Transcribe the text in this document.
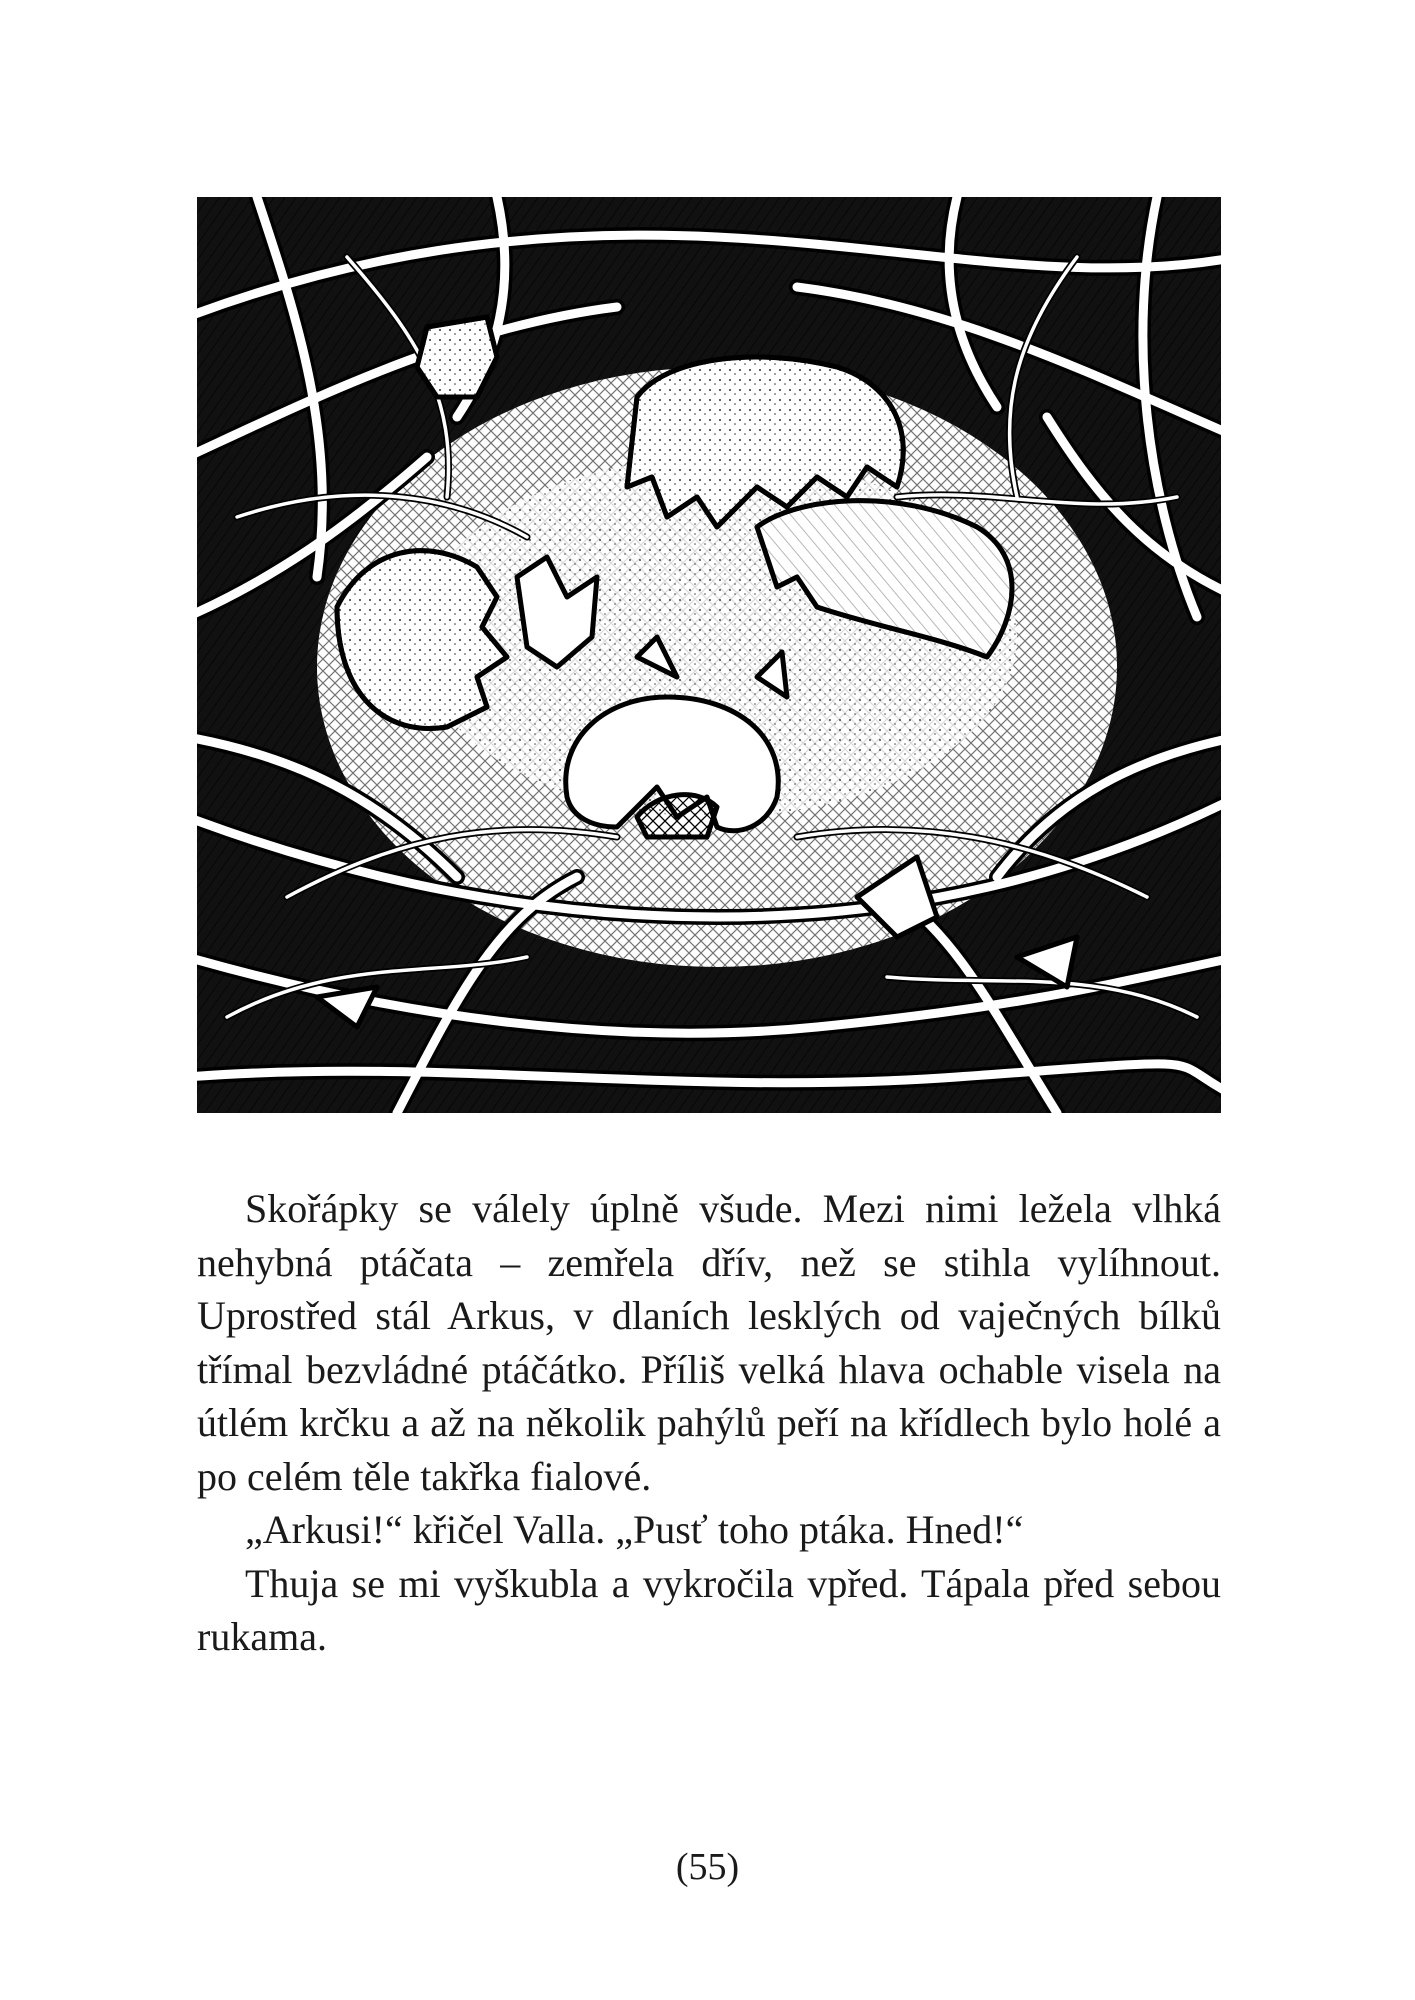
Skořápky se válely úplně všude. Mezi nimi ležela vlhká nehybná ptáčata – zemřela dřív, než se stihla vylíhnout. Uprostřed stál Arkus, v dlaních lesklých od vaječných bílků třímal bezvládné ptáčátko. Příliš velká hlava ochable visela na útlém krčku a až na několik pahýlů peří na křídlech bylo holé a po celém těle takřka fialové.

„Arkusi!“ křičel Valla. „Pusť toho ptáka. Hned!“

Thuja se mi vyškubla a vykročila vpřed. Tápala před sebou rukama.

(55)
